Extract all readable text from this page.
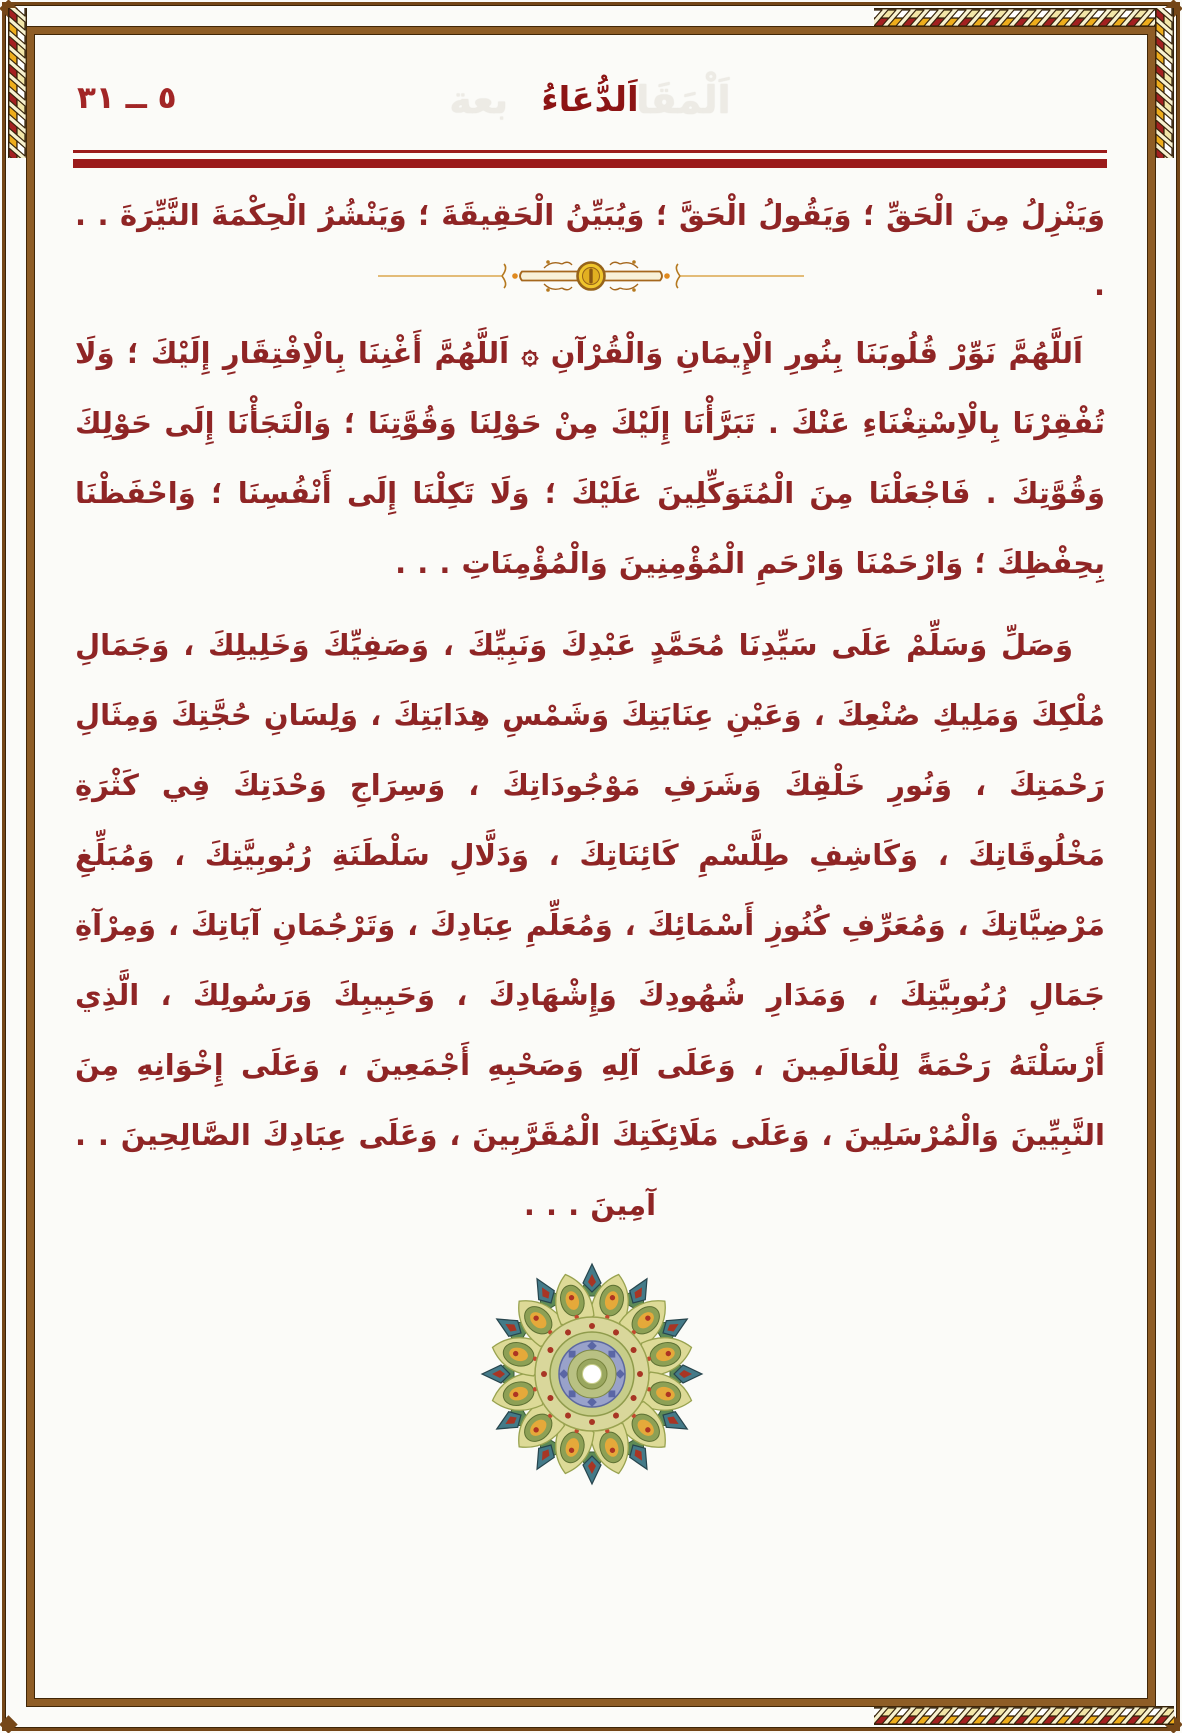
٥ ــ ٣١	اَلْمَقَا
بعة اَلدُّعَاءُ
وَيَنْزِلُ مِنَ الْحَقِّ ؛ وَيَقُولُ الْحَقَّ ؛ وَيُبَيِّنُ الْحَقِيقَةَ ؛ وَيَنْشُرُ الْحِكْمَةَ النَّيِّرَةَ . . .
اَللَّهُمَّ نَوِّرْ قُلُوبَنَا بِنُورِ الْإِيمَانِ وَالْقُرْآنِ ۞ اَللَّهُمَّ أَغْنِنَا بِالْاِفْتِقَارِ إِلَيْكَ ؛ وَلَا تُفْقِرْنَا بِالْاِسْتِغْنَاءِ عَنْكَ . تَبَرَّأْنَا إِلَيْكَ مِنْ حَوْلِنَا وَقُوَّتِنَا ؛ وَالْتَجَأْنَا إِلَى حَوْلِكَ وَقُوَّتِكَ . فَاجْعَلْنَا مِنَ الْمُتَوَكِّلِينَ عَلَيْكَ ؛ وَلَا تَكِلْنَا إِلَى أَنْفُسِنَا ؛ وَاحْفَظْنَا بِحِفْظِكَ ؛ وَارْحَمْنَا وَارْحَمِ الْمُؤْمِنِينَ وَالْمُؤْمِنَاتِ . . .
وَصَلِّ وَسَلِّمْ عَلَى سَيِّدِنَا مُحَمَّدٍ عَبْدِكَ وَنَبِيِّكَ ، وَصَفِيِّكَ وَخَلِيلِكَ ، وَجَمَالِ مُلْكِكَ وَمَلِيكِ صُنْعِكَ ، وَعَيْنِ عِنَايَتِكَ وَشَمْسِ هِدَايَتِكَ ، وَلِسَانِ حُجَّتِكَ وَمِثَالِ رَحْمَتِكَ ، وَنُورِ خَلْقِكَ وَشَرَفِ مَوْجُودَاتِكَ ، وَسِرَاجِ وَحْدَتِكَ فِي كَثْرَةِ مَخْلُوقَاتِكَ ، وَكَاشِفِ طِلَّسْمِ كَائِنَاتِكَ ، وَدَلَّالِ سَلْطَنَةِ رُبُوبِيَّتِكَ ، وَمُبَلِّغِ مَرْضِيَّاتِكَ ، وَمُعَرِّفِ كُنُوزِ أَسْمَائِكَ ، وَمُعَلِّمِ عِبَادِكَ ، وَتَرْجُمَانِ آيَاتِكَ ، وَمِرْآةِ جَمَالِ رُبُوبِيَّتِكَ ، وَمَدَارِ شُهُودِكَ وَإِشْهَادِكَ ، وَحَبِيبِكَ وَرَسُولِكَ ، الَّذِي أَرْسَلْتَهُ رَحْمَةً لِلْعَالَمِينَ ، وَعَلَى آلِهِ وَصَحْبِهِ أَجْمَعِينَ ، وَعَلَى إِخْوَانِهِ مِنَ النَّبِيِّينَ وَالْمُرْسَلِينَ ، وَعَلَى مَلَائِكَتِكَ الْمُقَرَّبِينَ ، وَعَلَى عِبَادِكَ الصَّالِحِينَ . . آمِينَ . . .
